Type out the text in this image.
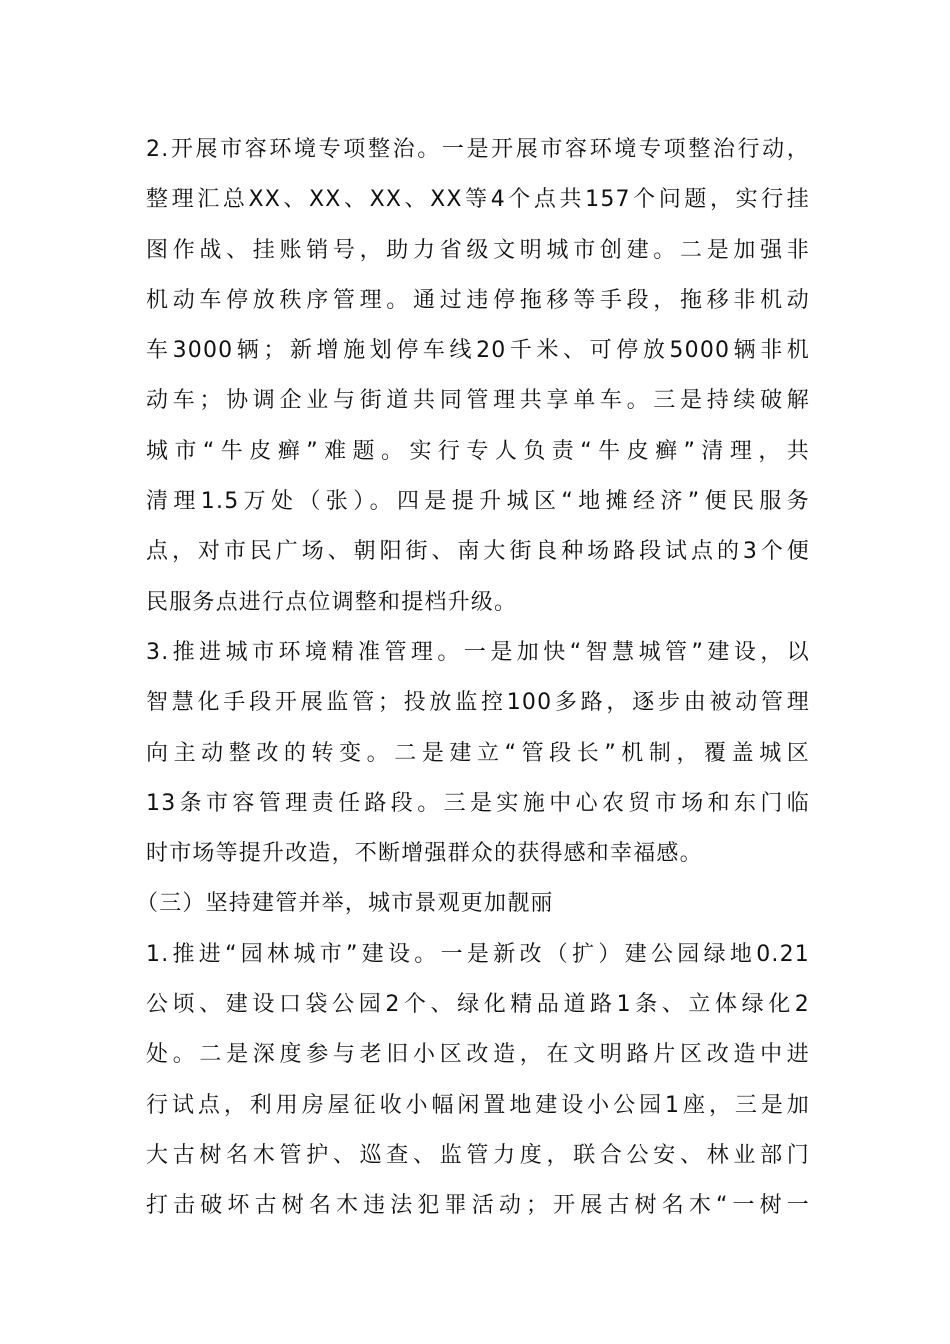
2.开展市容环境专项整治。一是开展市容环境专项整治行动，
整理汇总XX、XX、XX、XX等4个点共157个问题，实行挂
图作战、挂账销号，助力省级文明城市创建。二是加强非
机动车停放秩序管理。通过违停拖移等手段，拖移非机动
车3000辆；新增施划停车线20千米、可停放5000辆非机
动车；协调企业与街道共同管理共享单车。三是持续破解
城市“牛皮癣”难题。实行专人负责“牛皮癣”清理，共
清理1.5万处（张）。四是提升城区“地摊经济”便民服务
点，对市民广场、朝阳街、南大街良种场路段试点的3个便
民服务点进行点位调整和提档升级。
3.推进城市环境精准管理。一是加快“智慧城管”建设，以
智慧化手段开展监管；投放监控100多路，逐步由被动管理
向主动整改的转变。二是建立“管段长”机制，覆盖城区
13条市容管理责任路段。三是实施中心农贸市场和东门临
时市场等提升改造，不断增强群众的获得感和幸福感。
（三）坚持建管并举，城市景观更加靓丽
1.推进“园林城市”建设。一是新改（扩）建公园绿地0.21
公顷、建设口袋公园2个、绿化精品道路1条、立体绿化2
处。二是深度参与老旧小区改造，在文明路片区改造中进
行试点，利用房屋征收小幅闲置地建设小公园1座，三是加
大古树名木管护、巡查、监管力度，联合公安、林业部门
打击破坏古树名木违法犯罪活动；开展古树名木“一树一
